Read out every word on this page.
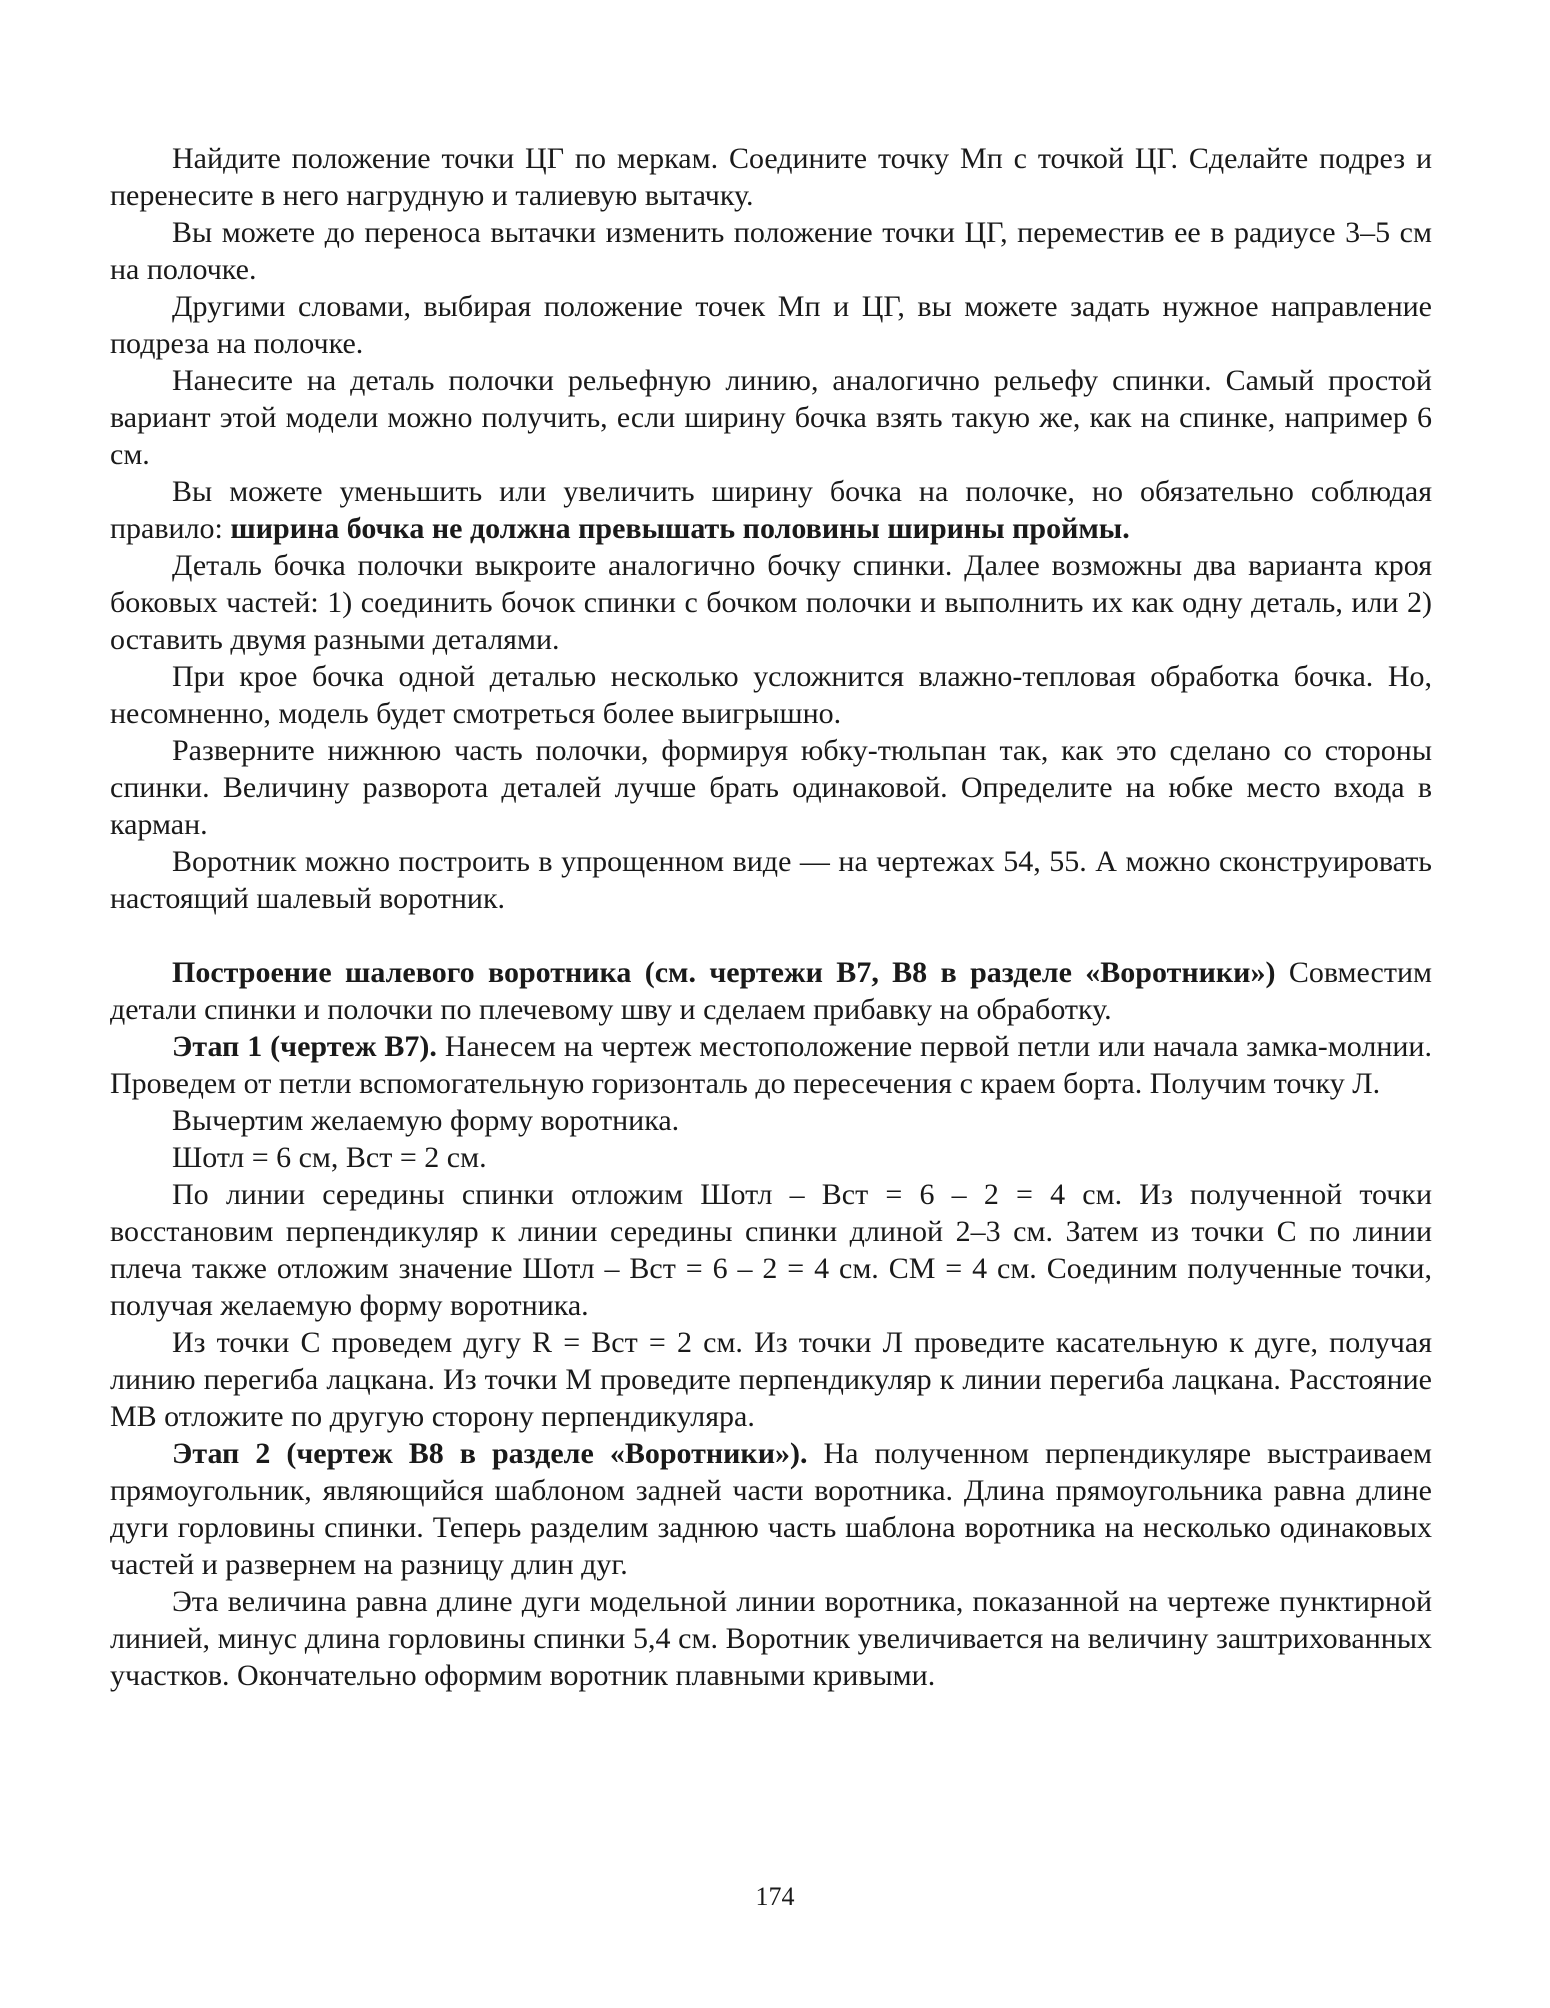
Найдите положение точки ЦГ по меркам. Соедините точку Мп с точкой ЦГ. Сделайте подрез и перенесите в него нагрудную и талиевую вытачку.

Вы можете до переноса вытачки изменить положение точки ЦГ, переместив ее в радиусе 3–5 см на полочке.

Другими словами, выбирая положение точек Мп и ЦГ, вы можете задать нужное направление подреза на полочке.

Нанесите на деталь полочки рельефную линию, аналогично рельефу спинки. Самый простой вариант этой модели можно получить, если ширину бочка взять такую же, как на спинке, например 6 см.

Вы можете уменьшить или увеличить ширину бочка на полочке, но обязательно соблюдая правило: ширина бочка не должна превышать половины ширины проймы.

Деталь бочка полочки выкроите аналогично бочку спинки. Далее возможны два варианта кроя боковых частей: 1) соединить бочок спинки с бочком полочки и выполнить их как одну деталь, или 2) оставить двумя разными деталями.

При крое бочка одной деталью несколько усложнится влажно-тепловая обработка бочка. Но, несомненно, модель будет смотреться более выигрышно.

Разверните нижнюю часть полочки, формируя юбку-тюльпан так, как это сделано со стороны спинки. Величину разворота деталей лучше брать одинаковой. Определите на юбке место входа в карман.

Воротник можно построить в упрощенном виде — на чертежах 54, 55. А можно сконструировать настоящий шалевый воротник.

Построение шалевого воротника (см. чертежи В7, В8 в разделе «Воротники») Совместим детали спинки и полочки по плечевому шву и сделаем прибавку на обработку.

Этап 1 (чертеж В7). Нанесем на чертеж местоположение первой петли или начала замка-молнии. Проведем от петли вспомогательную горизонталь до пересечения с краем борта. Получим точку Л.

Вычертим желаемую форму воротника.

Шотл = 6 см, Вст = 2 см.

По линии середины спинки отложим Шотл – Вст = 6 – 2 = 4 см. Из полученной точки восстановим перпендикуляр к линии середины спинки длиной 2–3 см. Затем из точки С по линии плеча также отложим значение Шотл – Вст = 6 – 2 = 4 см. СМ = 4 см. Соединим полученные точки, получая желаемую форму воротника.

Из точки С проведем дугу R = Вст = 2 см. Из точки Л проведите касательную к дуге, получая линию перегиба лацкана. Из точки М проведите перпендикуляр к линии перегиба лацкана. Расстояние МВ отложите по другую сторону перпендикуляра.

Этап 2 (чертеж В8 в разделе «Воротники»). На полученном перпендикуляре выстраиваем прямоугольник, являющийся шаблоном задней части воротника. Длина прямоугольника равна длине дуги горловины спинки. Теперь разделим заднюю часть шаблона воротника на несколько одинаковых частей и развернем на разницу длин дуг.

Эта величина равна длине дуги модельной линии воротника, показанной на чертеже пунктирной линией, минус длина горловины спинки 5,4 см. Воротник увеличивается на величину заштрихованных участков. Окончательно оформим воротник плавными кривыми.

174
